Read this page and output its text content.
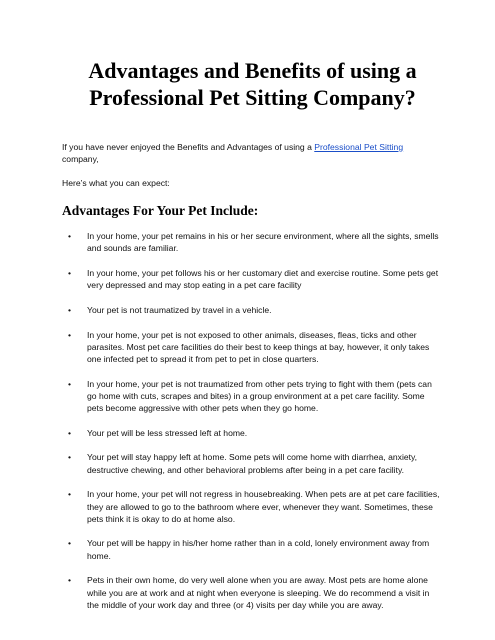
Advantages and Benefits of using a Professional Pet Sitting Company?

If you have never enjoyed the Benefits and Advantages of using a Professional Pet Sitting company,

Here’s what you can expect:

Advantages For Your Pet Include:
• In your home, your pet remains in his or her secure environment, where all the sights, smells and sounds are familiar.
• In your home, your pet follows his or her customary diet and exercise routine. Some pets get very depressed and may stop eating in a pet care facility
• Your pet is not traumatized by travel in a vehicle.
• In your home, your pet is not exposed to other animals, diseases, fleas, ticks and other parasites. Most pet care facilities do their best to keep things at bay, however, it only takes one infected pet to spread it from pet to pet in close quarters.
• In your home, your pet is not traumatized from other pets trying to fight with them (pets can go home with cuts, scrapes and bites) in a group environment at a pet care facility. Some pets become aggressive with other pets when they go home.
• Your pet will be less stressed left at home.
• Your pet will stay happy left at home. Some pets will come home with diarrhea, anxiety, destructive chewing, and other behavioral problems after being in a pet care facility.
• In your home, your pet will not regress in housebreaking. When pets are at pet care facilities, they are allowed to go to the bathroom where ever, whenever they want. Sometimes, these pets think it is okay to do at home also.
• Your pet will be happy in his/her home rather than in a cold, lonely environment away from home.
• Pets in their own home, do very well alone when you are away. Most pets are home alone while you are at work and at night when everyone is sleeping. We do recommend a visit in the middle of your work day and three (or 4) visits per day while you are away.
